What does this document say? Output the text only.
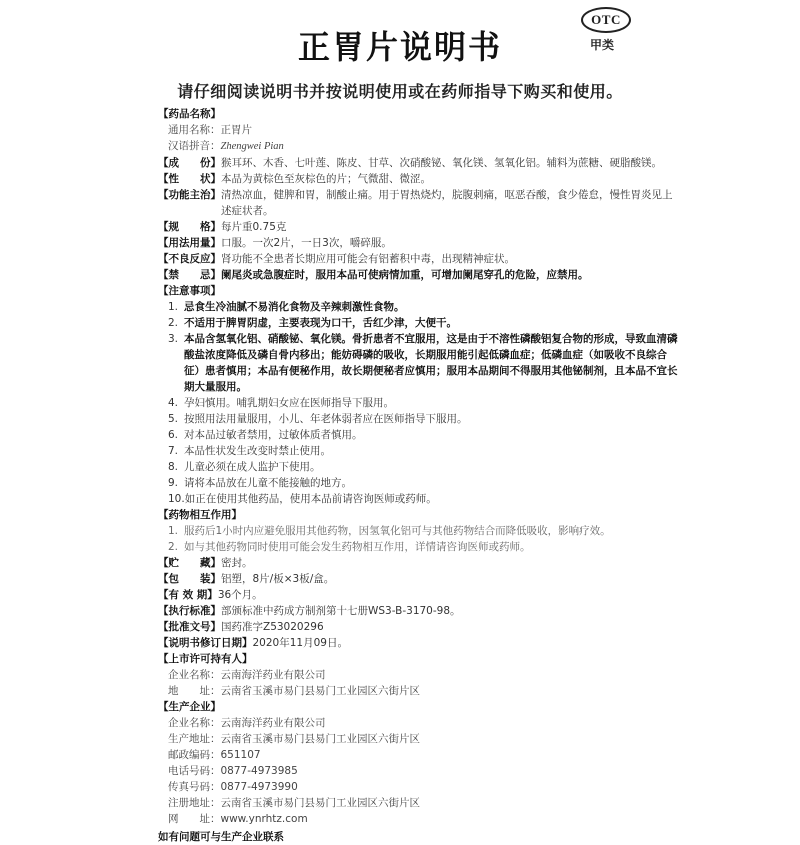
OTC
甲类
正胃片说明书
请仔细阅读说明书并按说明使用或在药师指导下购买和使用。
【药品名称】
通用名称：正胃片
汉语拼音：Zhengwei Pian
【成　　份】 猴耳环、木香、七叶莲、陈皮、甘草、次硝酸铋、氧化镁、氢氧化铝。辅料为蔗糖、硬脂酸镁。
【性　　状】 本品为黄棕色至灰棕色的片；气微甜、微涩。
【功能主治】 清热凉血，健脾和胃，制酸止痛。用于胃热烧灼，脘腹刺痛，呕恶吞酸，食少倦怠，慢性胃炎见上述症状者。
【规　　格】 每片重0.75克
【用法用量】 口服。一次2片，一日3次，嚼碎服。
【不良反应】 肾功能不全患者长期应用可能会有铝蓄积中毒，出现精神症状。
【禁　　忌】 阑尾炎或急腹症时，服用本品可使病情加重，可增加阑尾穿孔的危险，应禁用。
【注意事项】
1. 忌食生冷油腻不易消化食物及辛辣刺激性食物。
2. 不适用于脾胃阴虚，主要表现为口干，舌红少津，大便干。
3. 本品含氢氧化铝、硝酸铋、氧化镁。骨折患者不宜服用，这是由于不溶性磷酸铝复合物的形成，导致血清磷酸盐浓度降低及磷自骨内移出；能妨碍磷的吸收，长期服用能引起低磷血症；低磷血症（如吸收不良综合征）患者慎用；本品有便秘作用，故长期便秘者应慎用；服用本品期间不得服用其他铋制剂，且本品不宜长期大量服用。
4. 孕妇慎用。哺乳期妇女应在医师指导下服用。
5. 按照用法用量服用，小儿、年老体弱者应在医师指导下服用。
6. 对本品过敏者禁用，过敏体质者慎用。
7. 本品性状发生改变时禁止使用。
8. 儿童必须在成人监护下使用。
9. 请将本品放在儿童不能接触的地方。
10. 如正在使用其他药品，使用本品前请咨询医师或药师。
【药物相互作用】
1. 服药后1小时内应避免服用其他药物，因氢氧化铝可与其他药物结合而降低吸收，影响疗效。
2. 如与其他药物同时使用可能会发生药物相互作用，详情请咨询医师或药师。
【贮　　藏】 密封。
【包　　装】 铝塑，8片/板×3板/盒。
【有 效 期】 36个月。
【执行标准】 部颁标准中药成方制剂第十七册WS3-B-3170-98。
【批准文号】 国药准字Z53020296
【说明书修订日期】 2020年11月09日。
【上市许可持有人】
企业名称：云南海洋药业有限公司
地　　址：云南省玉溪市易门县易门工业园区六街片区
【生产企业】
企业名称：云南海洋药业有限公司
生产地址：云南省玉溪市易门县易门工业园区六街片区
邮政编码：651107
电话号码：0877-4973985
传真号码：0877-4973990
注册地址：云南省玉溪市易门县易门工业园区六街片区
网　　址：www.ynrhtz.com
如有问题可与生产企业联系
